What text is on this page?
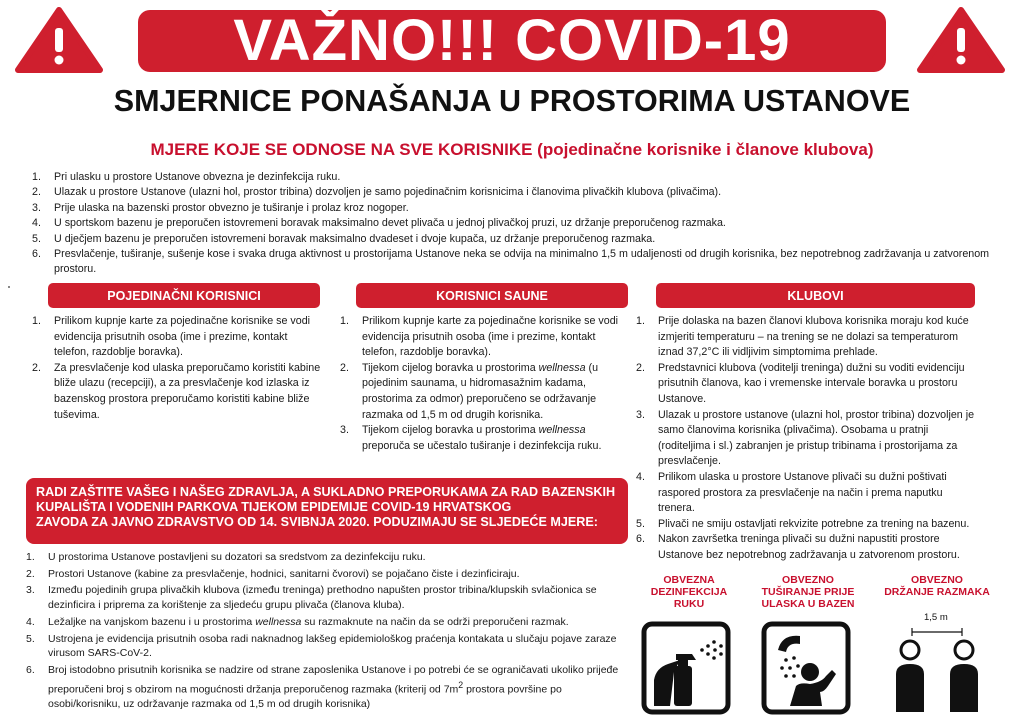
VAŽNO!!! COVID-19
SMJERNICE PONAŠANJA U PROSTORIMA USTANOVE
MJERE KOJE SE ODNOSE NA SVE KORISNIKE (pojedinačne korisnike i članove klubova)
1. Pri ulasku u prostore Ustanove obvezna je dezinfekcija ruku.
2. Ulazak u prostore Ustanove (ulazni hol, prostor tribina) dozvoljen je samo pojedinačnim korisnicima i članovima plivačkih klubova (plivačima).
3. Prije ulaska na bazenski prostor obvezno je tuširanje i prolaz kroz nogoper.
4. U sportskom bazenu je preporučen istovremeni boravak maksimalno devet plivača u jednoj plivačkoj pruzi, uz držanje preporučenog razmaka.
5. U dječjem bazenu je preporučen istovremeni boravak maksimalno dvadeset i dvoje kupača, uz držanje preporučenog razmaka.
6. Presvlačenje, tuširanje, sušenje kose i svaka druga aktivnost u prostorijama Ustanove neka se odvija na minimalno 1,5 m udaljenosti od drugih korisnika, bez nepotrebnog zadržavanja u zatvorenom prostoru.
POJEDINAČNI KORISNICI	KORISNICI SAUNE	KLUBOVI
1. Prilikom kupnje karte za pojedinačne korisnike se vodi evidencija prisutnih osoba (ime i prezime, kontakt telefon, razdoblje boravka).
2. Za presvlačenje kod ulaska preporučamo koristiti kabine bliže ulazu (recepciji), a za presvlačenje kod izlaska iz bazenskog prostora preporučamo koristiti kabine bliže tuševima.
1. Prilikom kupnje karte za pojedinačne korisnike se vodi evidencija prisutnih osoba (ime i prezime, kontakt telefon, razdoblje boravka).
2. Tijekom cijelog boravka u prostorima wellnessa (u pojedinim saunama, u hidromasažnim kadama, prostorima za odmor) preporučeno se održavanje razmaka od 1,5 m od drugih korisnika.
3. Tijekom cijelog boravka u prostorima wellnessa preporuča se učestalo tuširanje i dezinfekcija ruku.
1. Prije dolaska na bazen članovi klubova korisnika moraju kod kuće izmjeriti temperaturu – na trening se ne dolazi sa temperaturom iznad 37,2°C ili vidljivim simptomima prehlade.
2. Predstavnici klubova (voditelji treninga) dužni su voditi evidenciju prisutnih članova, kao i vremenske intervale boravka u prostoru Ustanove.
3. Ulazak u prostore ustanove (ulazni hol, prostor tribina) dozvoljen je samo članovima korisnika (plivačima). Osobama u pratnji (roditeljima i sl.) zabranjen je pristup tribinama i prostorijama za presvlačenje.
4. Prilikom ulaska u prostore Ustanove plivači su dužni poštivati raspored prostora za presvlačenje na način i prema naputku trenera.
5. Plivači ne smiju ostavljati rekvizite potrebne za trening na bazenu.
6. Nakon završetka treninga plivači su dužni napustiti prostore Ustanove bez nepotrebnog zadržavanja u zatvorenom prostoru.
RADI ZAŠTITE VAŠEG I NAŠEG ZDRAVLJA, A SUKLADNO PREPORUKAMA ZA RAD BAZENSKIH
KUPALIŠTA I VODENIH PARKOVA TIJEKOM EPIDEMIJE COVID-19 HRVATSKOG
ZAVODA ZA JAVNO ZDRAVSTVO OD 14. SVIBNJA 2020. PODUZIMAJU SE SLJEDEĆE MJERE:
1. U prostorima Ustanove postavljeni su dozatori sa sredstvom za dezinfekciju ruku.
2. Prostori Ustanove (kabine za presvlačenje, hodnici, sanitarni čvorovi) se pojačano čiste i dezinficiraju.
3. Između pojedinih grupa plivačkih klubova (između treninga) prethodno napušten prostor tribina/klupskih svlačionica se dezinficira i priprema za korištenje za sljedeću grupu plivača (članova kluba).
4. Ležaljke na vanjskom bazenu i u prostorima wellnessa su razmaknute na način da se održi preporučeni razmak.
5. Ustrojena je evidencija prisutnih osoba radi naknadnog lakšeg epidemiološkog praćenja kontakata u slučaju pojave zaraze virusom SARS-CoV-2.
6. Broj istodobno prisutnih korisnika se nadzire od strane zaposlenika Ustanove i po potrebi će se ograničavati ukoliko prijeđe preporučeni broj s obzirom na mogućnosti držanja preporučenog razmaka (kriterij od $7m^2$ prostora površine po osobi/korisniku, uz održavanje razmaka od 1,5 m od drugih korisnika)
OBVEZNA
DEZINFEKCIJA
RUKU
OBVEZNO
TUŠIRANJE PRIJE
ULASKA U BAZEN
OBVEZNO
DRŽANJE RAZMAKA
1,5 m
